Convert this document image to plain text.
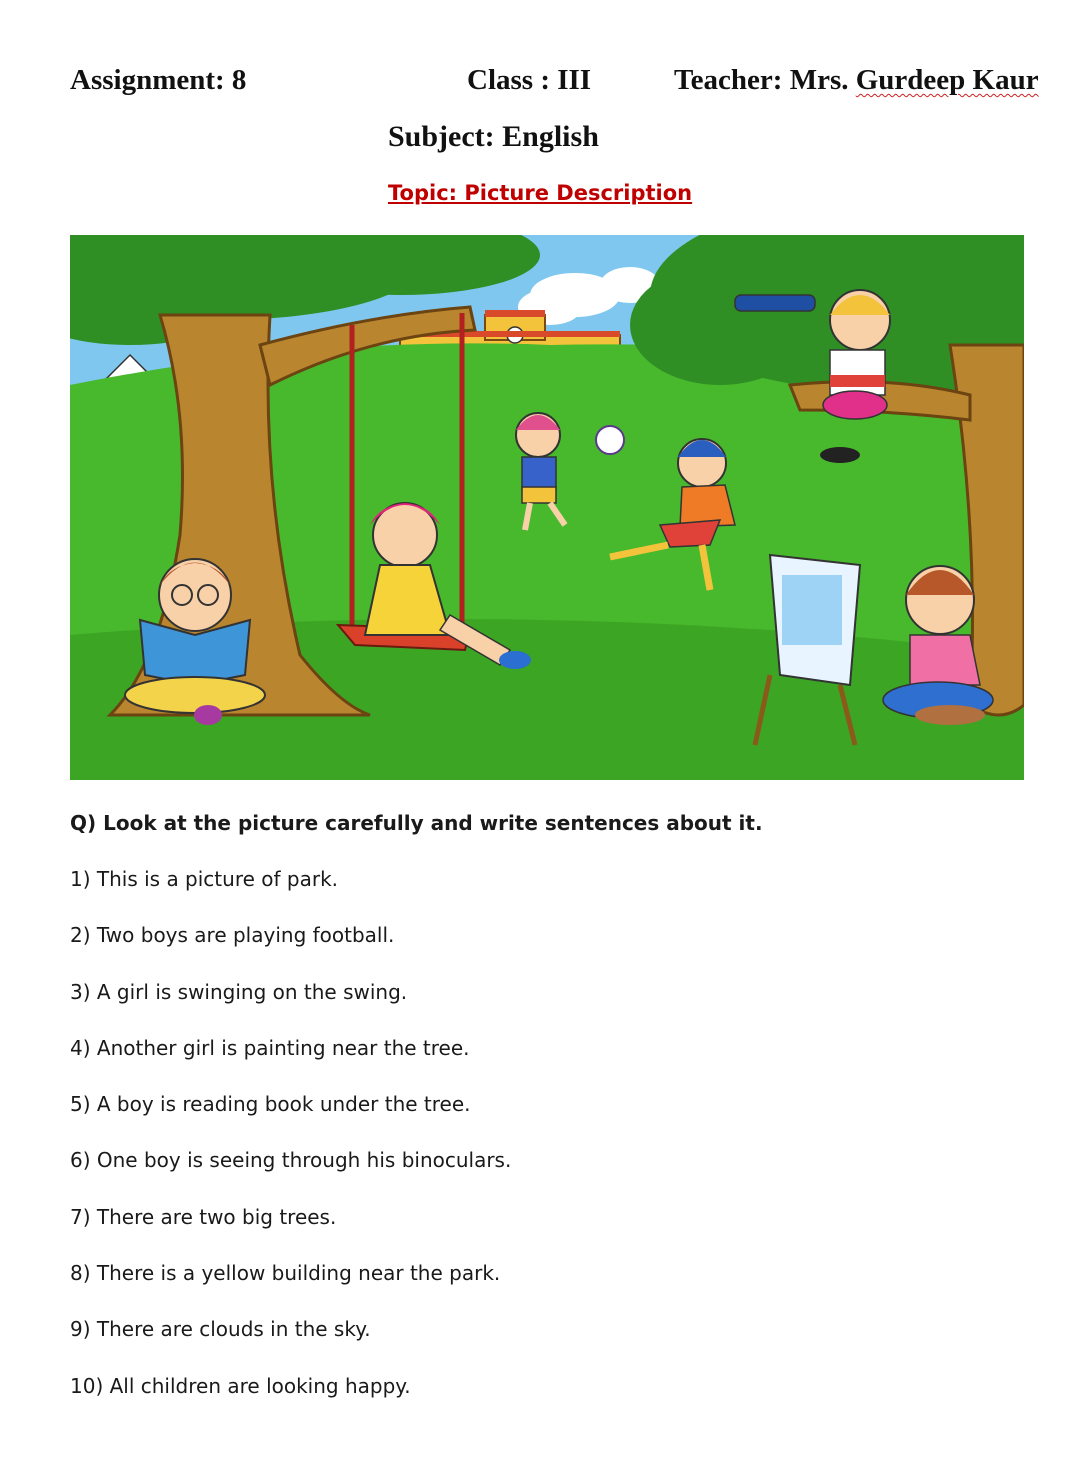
Assignment: 8	Class : III	Teacher: Mrs. Gurdeep Kaur
Subject: English
Topic: Picture Description
Q) Look at the picture carefully and write sentences about it.
1) This is a picture of park.
2) Two boys are playing football.
3) A girl is swinging on the swing.
4) Another girl is painting near the tree.
5) A boy is reading book under the tree.
6) One boy is seeing through his binoculars.
7) There are two big trees.
8) There is a yellow building near the park.
9) There are clouds in the sky.
10) All children are looking happy.
